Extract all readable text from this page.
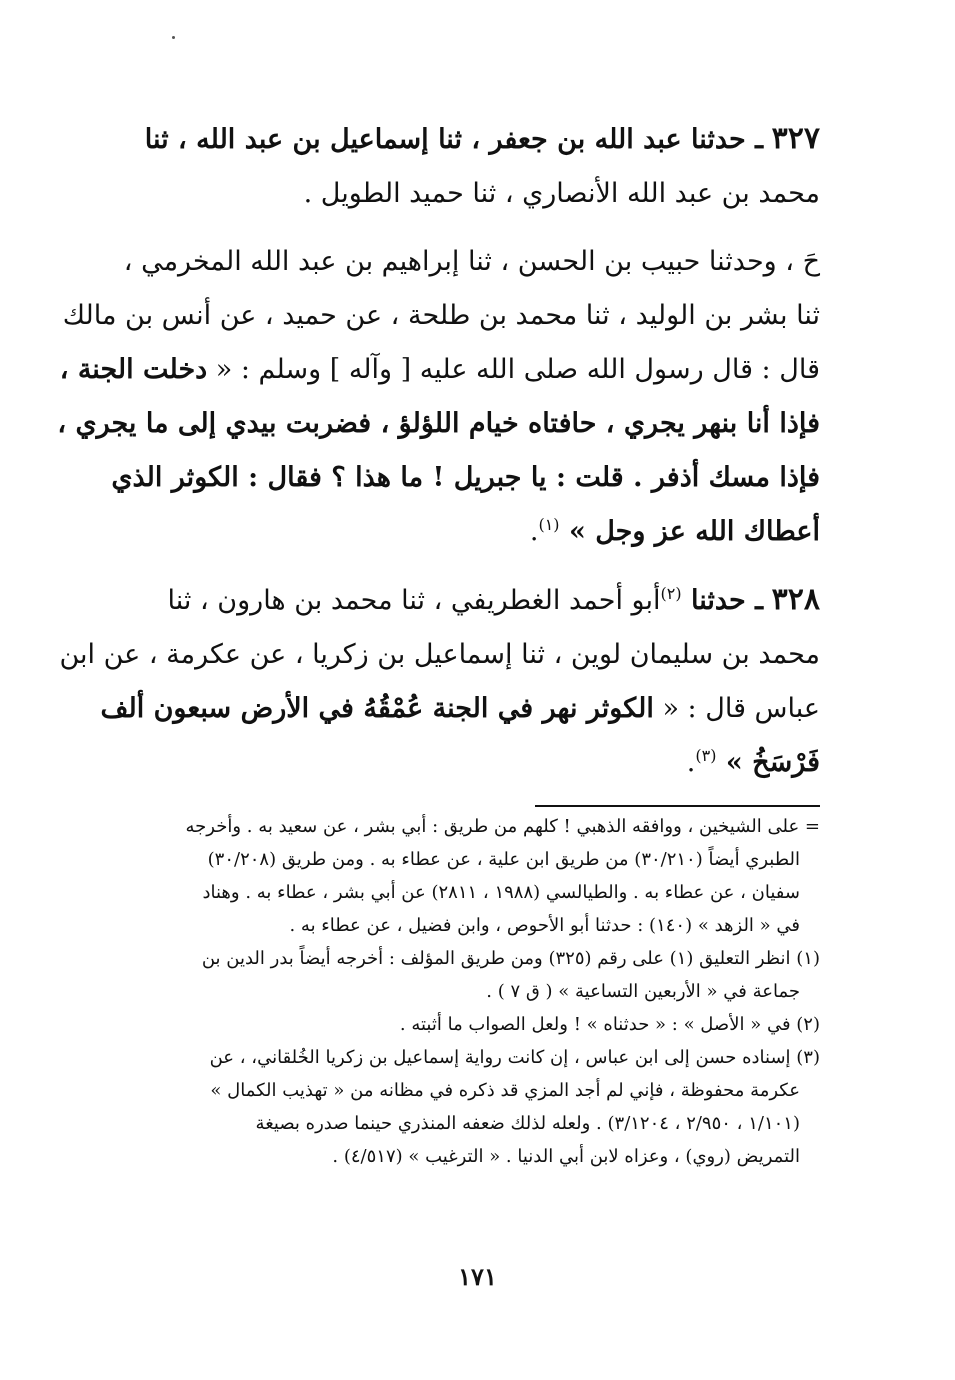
٣٢٧ ـ حدثنا عبد الله بن جعفر ، ثنا إسماعيل بن عبد الله ، ثنا
محمد بن عبد الله الأنصاري ، ثنا حميد الطويل .

حَ ، وحدثنا حبيب بن الحسن ، ثنا إبراهيم بن عبد الله المخرمي ،
ثنا بشر بن الوليد ، ثنا محمد بن طلحة ، عن حميد ، عن أنس بن مالك
قال : قال رسول الله صلى الله عليه [ وآله ] وسلم : « دخلت الجنة ،
فإذا أنا بنهر يجري ، حافتاه خيام اللؤلؤ ، فضربت بيدي إلى ما يجري ،
فإذا مسك أذفر . قلت : يا جبريل ! ما هذا ؟ فقال : الكوثر الذي
أعطاك الله عز وجل » $^{(١)}$.

٣٢٨ ـ حدثنا $^{(٢)}$أبو أحمد الغطريفي ، ثنا محمد بن هارون ، ثنا
محمد بن سليمان لوين ، ثنا إسماعيل بن زكريا ، عن عكرمة ، عن ابن
عباس قال : « الكوثر نهر في الجنة عُمْقُهُ في الأرض سبعون ألف
فَرْسَخُ » $^{(٣)}$.

= على الشيخين ، ووافقه الذهبي ! كلهم من طريق : أبي بشر ، عن سعيد به . وأخرجه
الطبري أيضاً (٣٠/٢١٠) من طريق ابن علية ، عن عطاء به . ومن طريق (٣٠/٢٠٨)
سفيان ، عن عطاء به . والطيالسي (١٩٨٨ ، ٢٨١١) عن أبي بشر ، عطاء به . وهناد
في « الزهد » (١٤٠) : حدثنا أبو الأحوص ، وابن فضيل ، عن عطاء به .
(١) انظر التعليق (١) على رقم (٣٢٥) ومن طريق المؤلف : أخرجه أيضاً بدر الدين بن
جماعة في « الأربعين التساعية » ( ق ٧ ) .
(٢) في « الأصل » : « حدثناه » ! ولعل الصواب ما أثبته .
(٣) إسناده حسن إلى ابن عباس ، إن كانت رواية إسماعيل بن زكريا الخُلقاني، ، عن
عكرمة محفوظة ، فإني لم أجد المزي قد ذكره في مظانه من « تهذيب الكمال »
(١/١٠١ ، ٢/٩٥٠ ، ٣/١٢٠٤) . ولعله لذلك ضعفه المنذري حينما صدره بصيغة
التمريض (روي) ، وعزاه لابن أبي الدنيا . « الترغيب » (٤/٥١٧) .
١٧١
